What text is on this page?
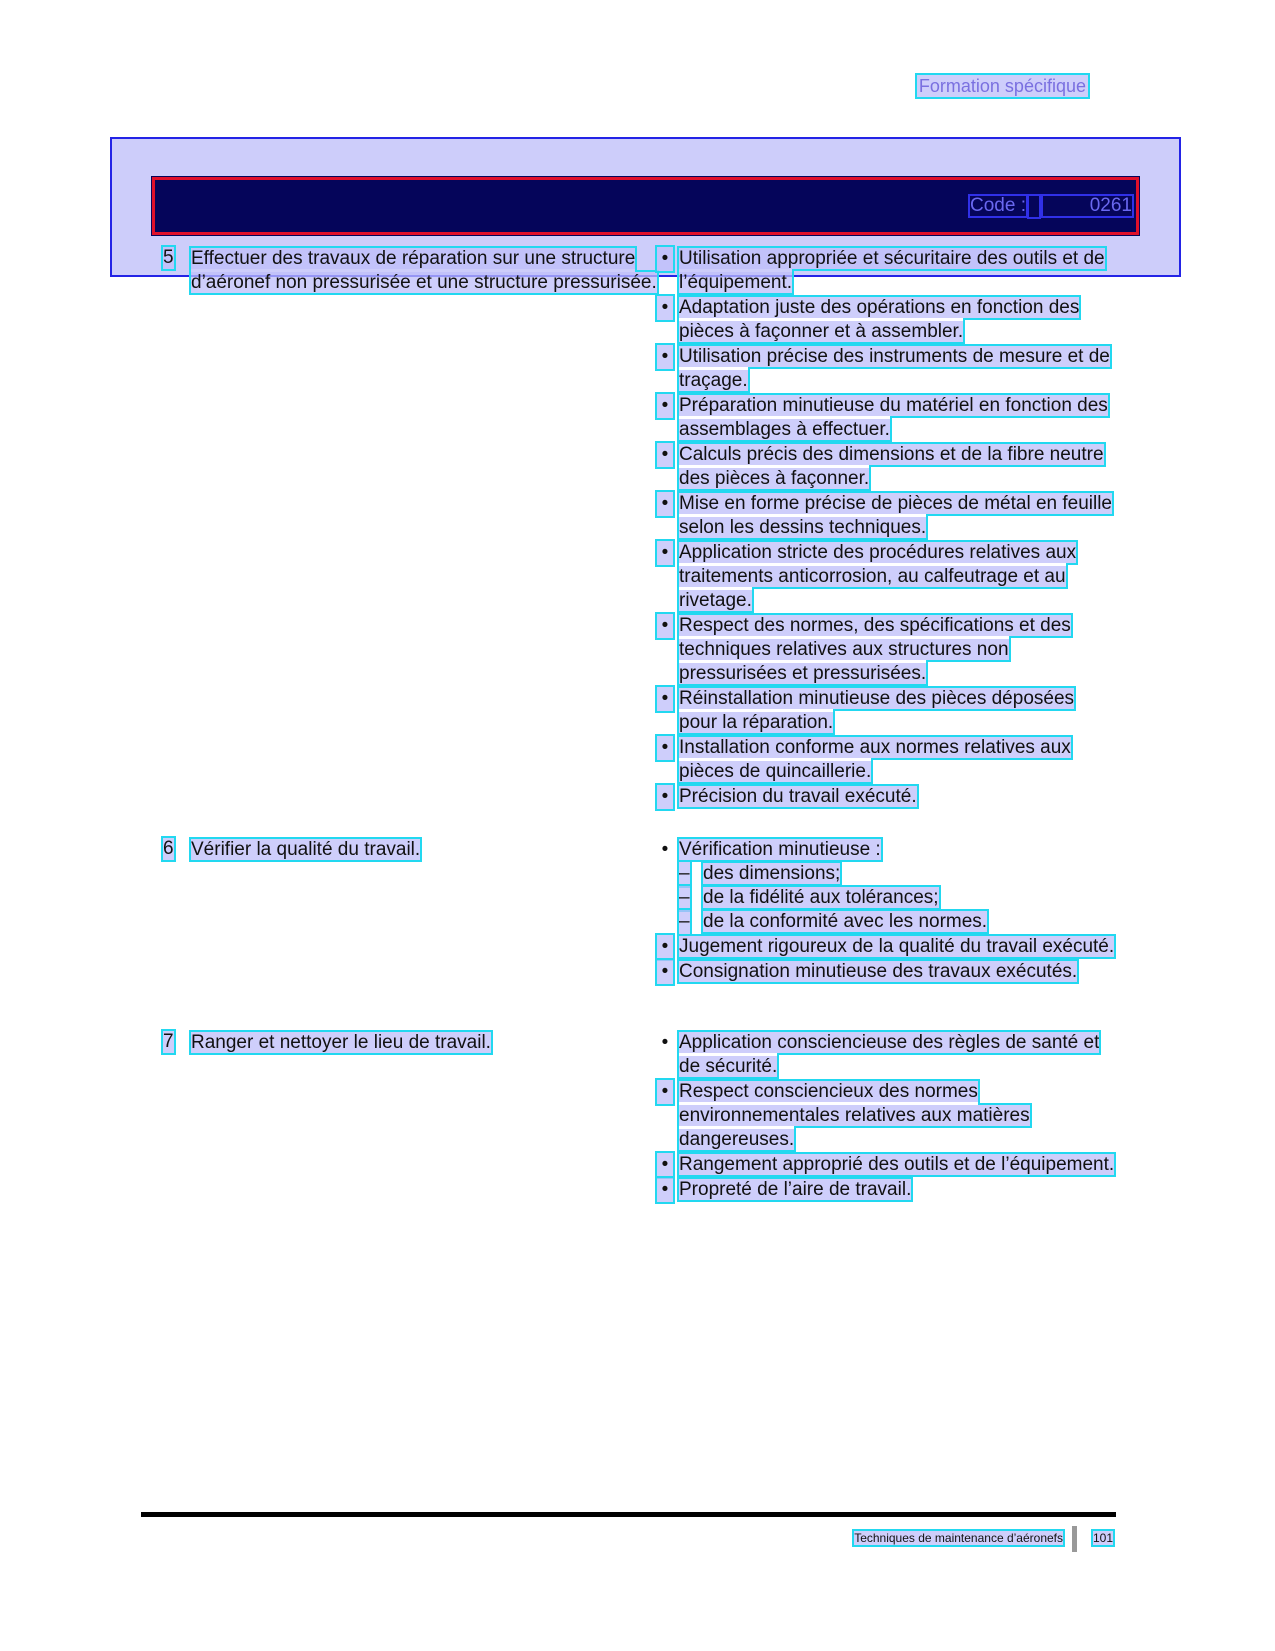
Formation spécifique
Code :	0261
5 Effectuer des travaux de réparation sur une structure d’aéronef non pressurisée et une structure pressurisée.
• Utilisation appropriée et sécuritaire des outils et de l’équipement.
• Adaptation juste des opérations en fonction des pièces à façonner et à assembler.
• Utilisation précise des instruments de mesure et de traçage.
• Préparation minutieuse du matériel en fonction des assemblages à effectuer.
• Calculs précis des dimensions et de la fibre neutre des pièces à façonner.
• Mise en forme précise de pièces de métal en feuille selon les dessins techniques.
• Application stricte des procédures relatives aux traitements anticorrosion, au calfeutrage et au rivetage.
• Respect des normes, des spécifications et des techniques relatives aux structures non pressurisées et pressurisées.
• Réinstallation minutieuse des pièces déposées pour la réparation.
• Installation conforme aux normes relatives aux pièces de quincaillerie.
• Précision du travail exécuté.
6 Vérifier la qualité du travail.	• Vérification minutieuse :
– des dimensions;
– de la fidélité aux tolérances;
– de la conformité avec les normes.
• Jugement rigoureux de la qualité du travail exécuté.
• Consignation minutieuse des travaux exécutés.
7 Ranger et nettoyer le lieu de travail.	• Application consciencieuse des règles de santé et de sécurité.
• Respect consciencieux des normes environnementales relatives aux matières dangereuses.
• Rangement approprié des outils et de l’équipement.
• Propreté de l’aire de travail.
Techniques de maintenance d’aéronefs 101
